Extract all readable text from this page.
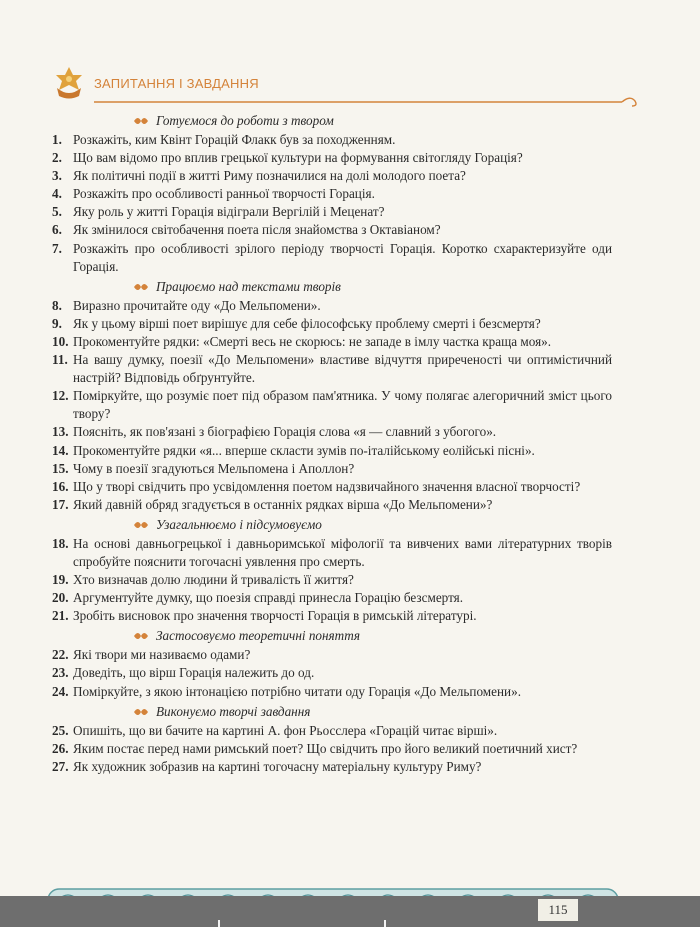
ЗАПИТАННЯ І ЗАВДАННЯ
Готуємося до роботи з твором
1. Розкажіть, ким Квінт Горацій Флакк був за походженням.
2. Що вам відомо про вплив грецької культури на формування світогляду Горація?
3. Як політичні події в житті Риму позначилися на долі молодого поета?
4. Розкажіть про особливості ранньої творчості Горація.
5. Яку роль у житті Горація відіграли Вергілій і Меценат?
6. Як змінилося світобачення поета після знайомства з Октавіаном?
7. Розкажіть про особливості зрілого періоду творчості Горація. Коротко схарактеризуйте оди Горація.
Працюємо над текстами творів
8. Виразно прочитайте оду «До Мельпомени».
9. Як у цьому вірші поет вирішує для себе філософську проблему смерті і безсмертя?
10. Прокоментуйте рядки: «Смерті весь не скорюсь: не западе в імлу частка краща моя».
11. На вашу думку, поезії «До Мельпомени» властиве відчуття приреченості чи оптимістичний настрій? Відповідь обґрунтуйте.
12. Поміркуйте, що розуміє поет під образом пам'ятника. У чому полягає алегоричний зміст цього твору?
13. Поясніть, як пов'язані з біографією Горація слова «я — славний з убогого».
14. Прокоментуйте рядки «я... вперше скласти зумів по-італійському еолійські пісні».
15. Чому в поезії згадуються Мельпомена і Аполлон?
16. Що у творі свідчить про усвідомлення поетом надзвичайного значення власної творчості?
17. Який давній обряд згадується в останніх рядках вірша «До Мельпомени»?
Узагальнюємо і підсумовуємо
18. На основі давньогрецької і давньоримської міфології та вивчених вами літературних творів спробуйте пояснити тогочасні уявлення про смерть.
19. Хто визначав долю людини й тривалість її життя?
20. Аргументуйте думку, що поезія справді принесла Горацію безсмертя.
21. Зробіть висновок про значення творчості Горація в римській літературі.
Застосовуємо теоретичні поняття
22. Які твори ми називаємо одами?
23. Доведіть, що вірш Горація належить до од.
24. Поміркуйте, з якою інтонацією потрібно читати оду Горація «До Мельпомени».
Виконуємо творчі завдання
25. Опишіть, що ви бачите на картині А. фон Рьосслера «Горацій читає вірші».
26. Яким постає перед нами римський поет? Що свідчить про його великий поетичний хист?
27. Як художник зобразив на картині тогочасну матеріальну культуру Риму?
115
